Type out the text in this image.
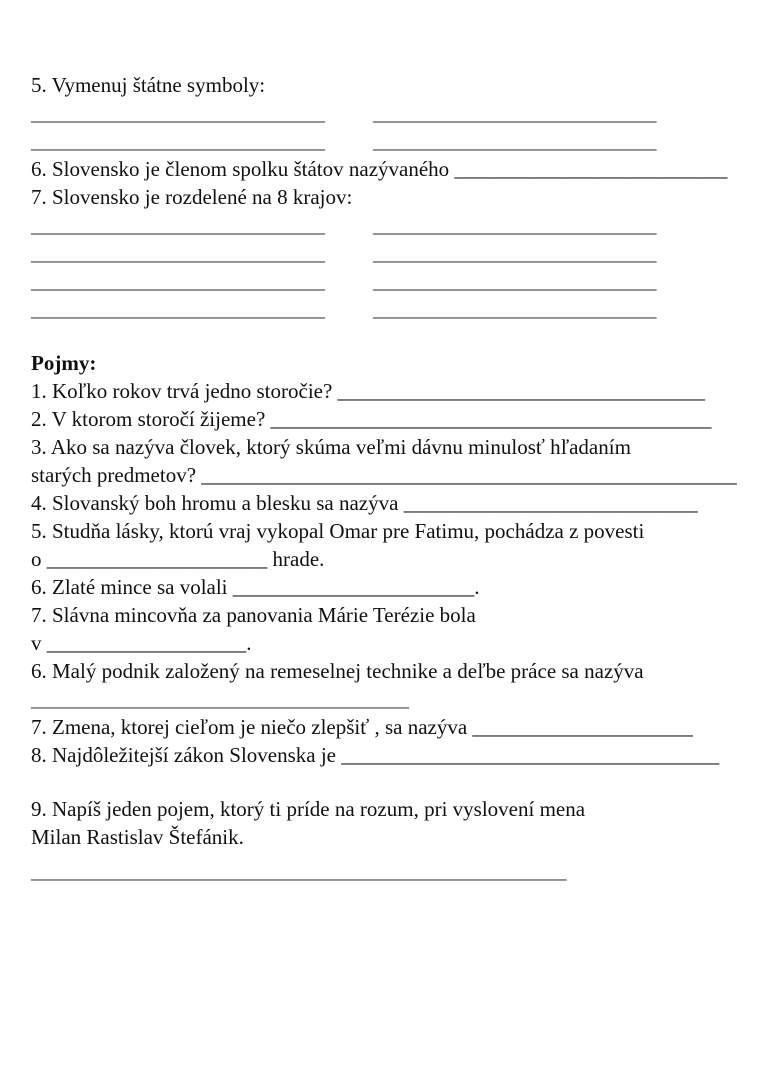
5. Vymenuj štátne symboly:
____________________________ ___________________________
____________________________ ___________________________
6. Slovensko je členom spolku štátov nazývaného __________________________
7. Slovensko je rozdelené na 8 krajov:
____________________________ ___________________________
____________________________ ___________________________
____________________________ ___________________________
____________________________ ___________________________
Pojmy:
1. Koľko rokov trvá jedno storočie? ___________________________________
2. V ktorom storočí žijeme? __________________________________________
3. Ako sa nazýva človek, ktorý skúma veľmi dávnu minulosť hľadaním
starých predmetov? ___________________________________________________
4. Slovanský boh hromu a blesku sa nazýva ____________________________
5. Studňa lásky, ktorú vraj vykopal Omar pre Fatimu, pochádza z povesti
o _____________________ hrade.
6. Zlaté mince sa volali _______________________.
7. Slávna mincovňa za panovania Márie Terézie bola
v ___________________.
6. Malý podnik založený na remeselnej technike a deľbe práce sa nazýva
____________________________________
7. Zmena, ktorej cieľom je niečo zlepšiť , sa nazýva _____________________
8. Najdôležitejší zákon Slovenska je ____________________________________
9. Napíš jeden pojem, ktorý ti príde na rozum, pri vyslovení mena
Milan Rastislav Štefánik.
___________________________________________________
